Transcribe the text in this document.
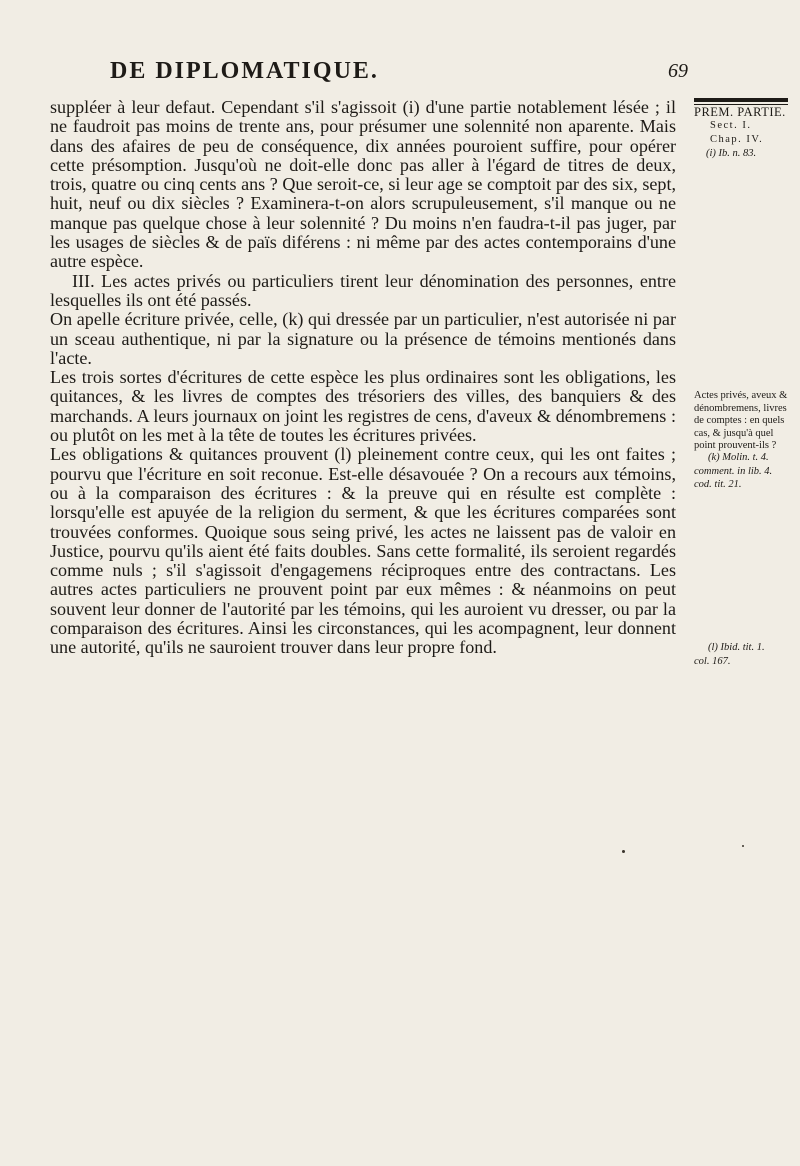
DE DIPLOMATIQUE.	69

suppléer à leur defaut. Cependant s'il s'agissoit (i) d'une partie notablement lésée ; il ne faudroit pas moins de trente ans, pour présumer une solennité non aparente. Mais dans des afaires de peu de conséquence, dix années pouroient suffire, pour opérer cette présomption. Jusqu'où ne doit-elle donc pas aller à l'égard de titres de deux, trois, quatre ou cinq cents ans ? Que seroit-ce, si leur age se comptoit par des six, sept, huit, neuf ou dix siècles ? Examinera-t-on alors scrupuleusement, s'il manque ou ne manque pas quelque chose à leur solennité ? Du moins n'en faudra-t-il pas juger, par les usages de siècles & de païs diférens : ni même par des actes contemporains d'une autre espèce.

III. Les actes privés ou particuliers tirent leur dénomination des personnes, entre lesquelles ils ont été passés.

On apelle écriture privée, celle, (k) qui dressée par un particulier, n'est autorisée ni par un sceau authentique, ni par la signature ou la présence de témoins mentionés dans l'acte.

Les trois sortes d'écritures de cette espèce les plus ordinaires sont les obligations, les quitances, & les livres de comptes des trésoriers des villes, des banquiers & des marchands. A leurs journaux on joint les registres de cens, d'aveux & dénombremens : ou plutôt on les met à la tête de toutes les écritures privées.

Les obligations & quitances prouvent (l) pleinement contre ceux, qui les ont faites ; pourvu que l'écriture en soit reconue. Est-elle désavouée ? On a recours aux témoins, ou à la comparaison des écritures : & la preuve qui en résulte est complète : lorsqu'elle est apuyée de la religion du serment, & que les écritures comparées sont trouvées conformes. Quoique sous seing privé, les actes ne laissent pas de valoir en Justice, pourvu qu'ils aient été faits doubles. Sans cette formalité, ils seroient regardés comme nuls ; s'il s'agissoit d'engagemens réciproques entre des contractans. Les autres actes particuliers ne prouvent point par eux mêmes : & néanmoins on peut souvent leur donner de l'autorité par les témoins, qui les auroient vu dresser, ou par la comparaison des écritures. Ainsi les circonstances, qui les acompagnent, leur donnent une autorité, qu'ils ne sauroient trouver dans leur propre fond.

PREM. PARTIE.
Sect. I.
Chap. IV.
(i) Ib. n. 83.
Actes privés, aveux & dénombremens, livres de comptes : en quels cas, & jusqu'à quel point prouvent-ils ?
(k) Molin. t. 4.
comment. in lib. 4. cod. tit. 21.
(l) Ibid. tit. 1.
col. 167.
